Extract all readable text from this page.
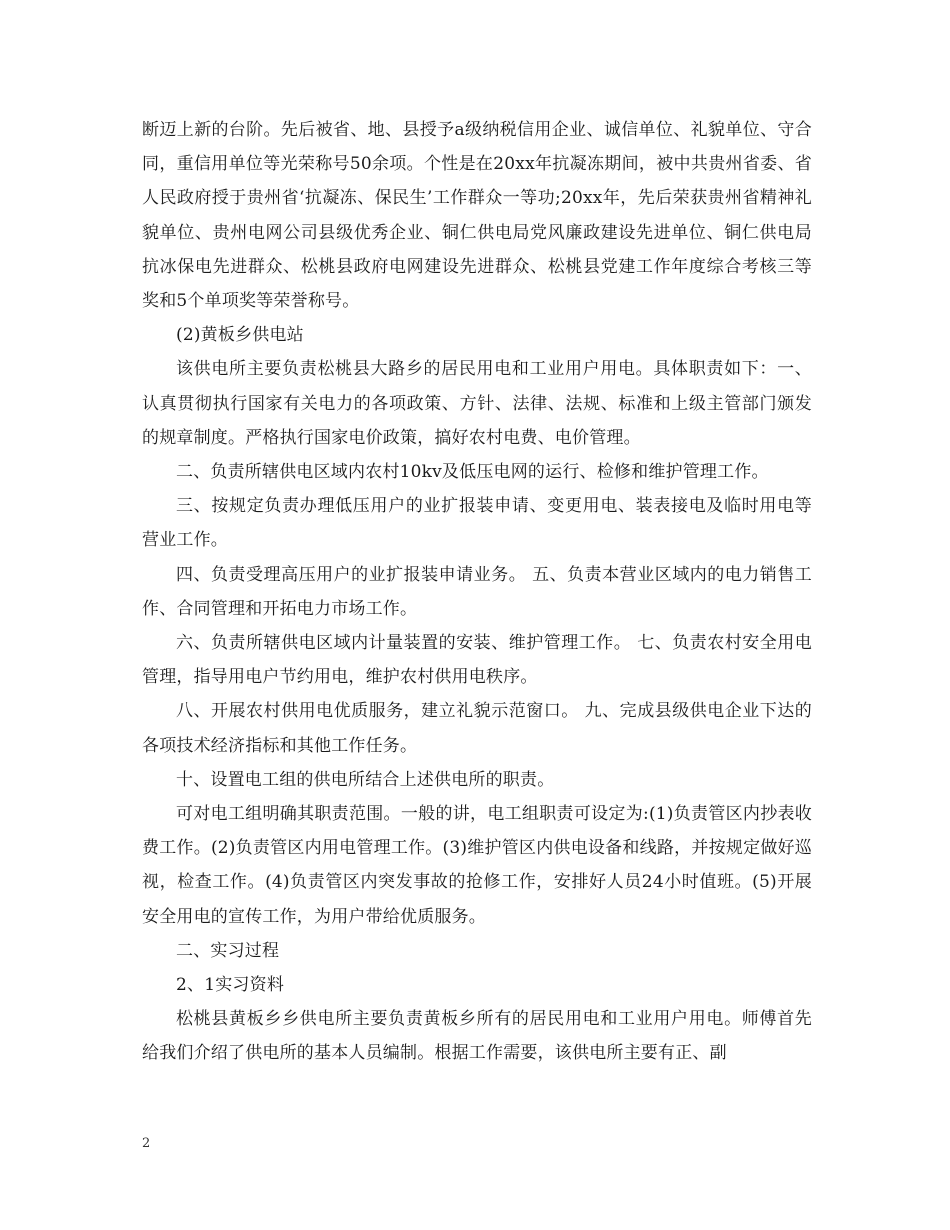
断迈上新的台阶。先后被省、地、县授予a级纳税信用企业、诚信单位、礼貌单位、守合同，重信用单位等光荣称号50余项。个性是在20xx年抗凝冻期间，被中共贵州省委、省人民政府授于贵州省‘抗凝冻、保民生’工作群众一等功;20xx年，先后荣获贵州省精神礼貌单位、贵州电网公司县级优秀企业、铜仁供电局党风廉政建设先进单位、铜仁供电局抗冰保电先进群众、松桃县政府电网建设先进群众、松桃县党建工作年度综合考核三等奖和5个单项奖等荣誉称号。

(2)黄板乡供电站

该供电所主要负责松桃县大路乡的居民用电和工业用户用电。具体职责如下：一、认真贯彻执行国家有关电力的各项政策、方针、法律、法规、标准和上级主管部门颁发的规章制度。严格执行国家电价政策，搞好农村电费、电价管理。

二、负责所辖供电区域内农村10kv及低压电网的运行、检修和维护管理工作。

三、按规定负责办理低压用户的业扩报装申请、变更用电、装表接电及临时用电等营业工作。

四、负责受理高压用户的业扩报装申请业务。 五、负责本营业区域内的电力销售工作、合同管理和开拓电力市场工作。

六、负责所辖供电区域内计量装置的安装、维护管理工作。 七、负责农村安全用电管理，指导用电户节约用电，维护农村供用电秩序。

八、开展农村供用电优质服务，建立礼貌示范窗口。 九、完成县级供电企业下达的各项技术经济指标和其他工作任务。

十、设置电工组的供电所结合上述供电所的职责。

可对电工组明确其职责范围。一般的讲，电工组职责可设定为:(1)负责管区内抄表收费工作。(2)负责管区内用电管理工作。(3)维护管区内供电设备和线路，并按规定做好巡视，检查工作。(4)负责管区内突发事故的抢修工作，安排好人员24小时值班。(5)开展安全用电的宣传工作，为用户带给优质服务。

二、实习过程

2、1实习资料

松桃县黄板乡乡供电所主要负责黄板乡所有的居民用电和工业用户用电。师傅首先给我们介绍了供电所的基本人员编制。根据工作需要，该供电所主要有正、副

2
